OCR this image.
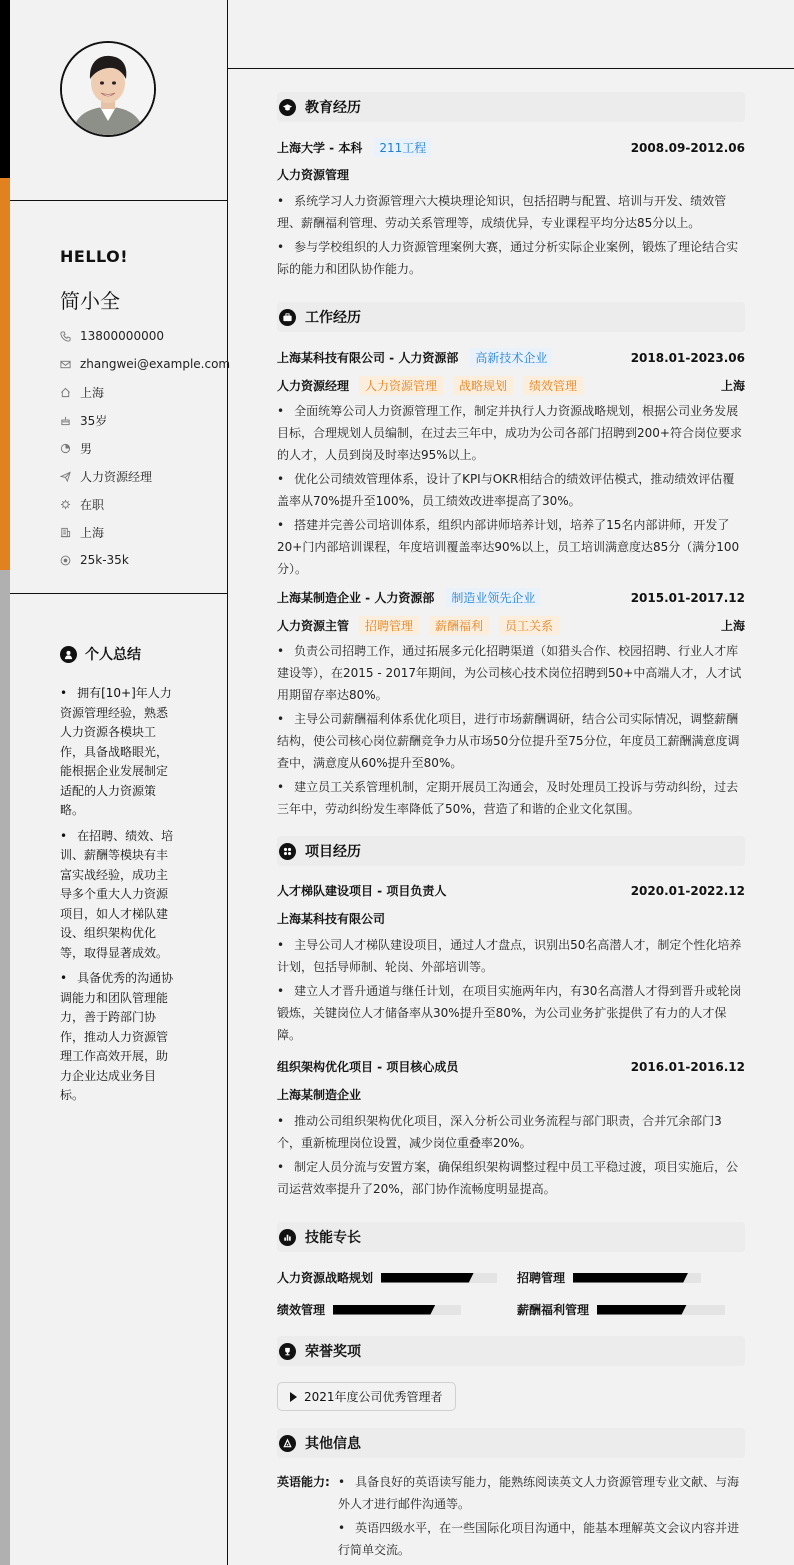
HELLO!
简小全
13800000000
zhangwei@example.com
上海
35岁
男
人力资源经理
在职
上海
25k-35k
个人总结
• 拥有[10+]年人力资源管理经验，熟悉人力资源各模块工作，具备战略眼光，能根据企业发展制定适配的人力资源策略。
• 在招聘、绩效、培训、薪酬等模块有丰富实战经验，成功主导多个重大人力资源项目，如人才梯队建设、组织架构优化等，取得显著成效。
• 具备优秀的沟通协调能力和团队管理能力，善于跨部门协作，推动人力资源管理工作高效开展，助力企业达成业务目标。
教育经历
上海大学 - 本科	211工程	2008.09-2012.06
人力资源管理
• 系统学习人力资源管理六大模块理论知识，包括招聘与配置、培训与开发、绩效管理、薪酬福利管理、劳动关系管理等，成绩优异，专业课程平均分达85分以上。
• 参与学校组织的人力资源管理案例大赛，通过分析实际企业案例，锻炼了理论结合实际的能力和团队协作能力。
工作经历
上海某科技有限公司 - 人力资源部	高新技术企业	2018.01-2023.06
人力资源经理	人力资源管理	战略规划	绩效管理	上海
• 全面统筹公司人力资源管理工作，制定并执行人力资源战略规划，根据公司业务发展目标，合理规划人员编制，在过去三年中，成功为公司各部门招聘到200+符合岗位要求的人才，人员到岗及时率达95%以上。
• 优化公司绩效管理体系，设计了KPI与OKR相结合的绩效评估模式，推动绩效评估覆盖率从70%提升至100%，员工绩效改进率提高了30%。
• 搭建并完善公司培训体系，组织内部讲师培养计划，培养了15名内部讲师，开发了20+门内部培训课程，年度培训覆盖率达90%以上，员工培训满意度达85分（满分100分）。
上海某制造企业 - 人力资源部	制造业领先企业	2015.01-2017.12
人力资源主管	招聘管理	薪酬福利	员工关系	上海
• 负责公司招聘工作，通过拓展多元化招聘渠道（如猎头合作、校园招聘、行业人才库建设等），在2015 - 2017年期间，为公司核心技术岗位招聘到50+中高端人才，人才试用期留存率达80%。
• 主导公司薪酬福利体系优化项目，进行市场薪酬调研，结合公司实际情况，调整薪酬结构，使公司核心岗位薪酬竞争力从市场50分位提升至75分位，年度员工薪酬满意度调查中，满意度从60%提升至80%。
• 建立员工关系管理机制，定期开展员工沟通会，及时处理员工投诉与劳动纠纷，过去三年中，劳动纠纷发生率降低了50%，营造了和谐的企业文化氛围。
项目经历
人才梯队建设项目 - 项目负责人	2020.01-2022.12
上海某科技有限公司
• 主导公司人才梯队建设项目，通过人才盘点，识别出50名高潜人才，制定个性化培养计划，包括导师制、轮岗、外部培训等。
• 建立人才晋升通道与继任计划，在项目实施两年内，有30名高潜人才得到晋升或轮岗锻炼，关键岗位人才储备率从30%提升至80%，为公司业务扩张提供了有力的人才保障。
组织架构优化项目 - 项目核心成员	2016.01-2016.12
上海某制造企业
• 推动公司组织架构优化项目，深入分析公司业务流程与部门职责，合并冗余部门3个，重新梳理岗位设置，减少岗位重叠率20%。
• 制定人员分流与安置方案，确保组织架构调整过程中员工平稳过渡，项目实施后，公司运营效率提升了20%，部门协作流畅度明显提高。
技能专长
人力资源战略规划	招聘管理
绩效管理	薪酬福利管理
荣誉奖项
2021年度公司优秀管理者
其他信息
英语能力:
•	具备良好的英语读写能力，能熟练阅读英文人力资源管理专业文献、与海外人才进行邮件沟通等。
• 英语四级水平，在一些国际化项目沟通中，能基本理解英文会议内容并进行简单交流。
